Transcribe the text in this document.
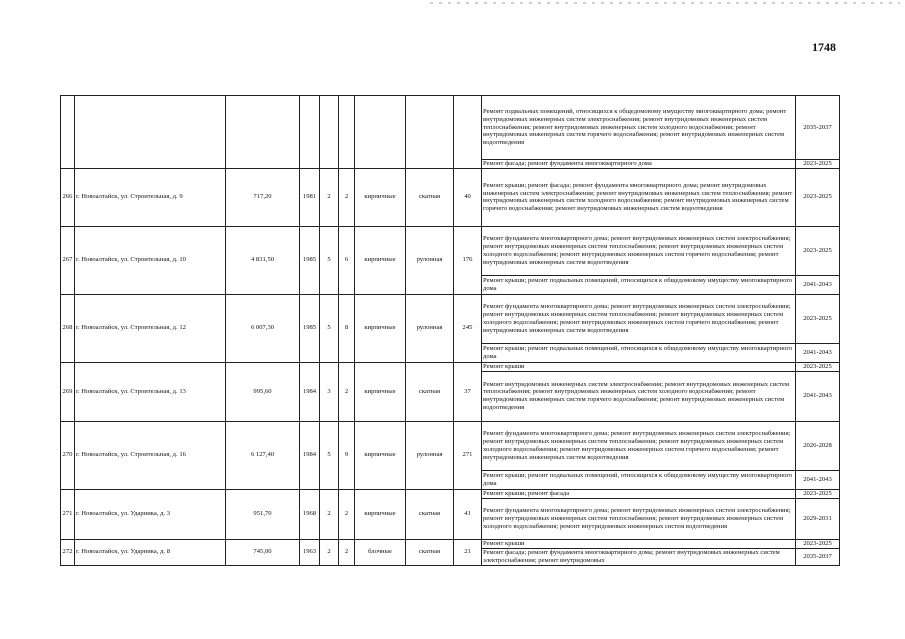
1748
									Ремонт подвальных помещений, относящихся к общедомовому имуществу многоквартирного дома; ремонт внутридомовых инженерных систем электроснабжения; ремонт внутридомовых инженерных систем теплоснабжения; ремонт внутридомовых инженерных систем холодного водоснабжения; ремонт внутридомовых инженерных систем горячего водоснабжения; ремонт внутридомовых инженерных систем водоотведения	2035-2037
									Ремонт фасада; ремонт фундамента многоквартирного дома	2023-2025
266	г. Новоалтайск, ул. Строительная, д. 9	717,20	1981	2	2	кирпичные	скатная	40	Ремонт крыши; ремонт фасада; ремонт фундамента многоквартирного дома; ремонт внутридомовых инженерных систем электроснабжения; ремонт внутридомовых инженерных систем теплоснабжения; ремонт внутридомовых инженерных систем холодного водоснабжения; ремонт внутридомовых инженерных систем горячего водоснабжения; ремонт внутридомовых инженерных систем водоотведения	2023-2025
267	г. Новоалтайск, ул. Строительная, д. 10	4 831,50	1985	5	6	кирпичные	рулонная	176	Ремонт фундамента многоквартирного дома; ремонт внутридомовых инженерных систем электроснабжения; ремонт внутридомовых инженерных систем теплоснабжения; ремонт внутридомовых инженерных систем холодного водоснабжения; ремонт внутридомовых инженерных систем горячего водоснабжения; ремонт внутридомовых инженерных систем водоотведения	2023-2025
									Ремонт крыши; ремонт подвальных помещений, относящихся к общедомовому имуществу многоквартирного дома	2041-2043
268	г. Новоалтайск, ул. Строительная, д. 12	6 007,30	1985	5	8	кирпичные	рулонная	245	Ремонт фундамента многоквартирного дома; ремонт внутридомовых инженерных систем электроснабжения; ремонт внутридомовых инженерных систем теплоснабжения; ремонт внутридомовых инженерных систем холодного водоснабжения; ремонт внутридомовых инженерных систем горячего водоснабжения; ремонт внутридомовых инженерных систем водоотведения	2023-2025
									Ремонт крыши; ремонт подвальных помещений, относящихся к общедомовому имуществу многоквартирного дома	2041-2043
269	г. Новоалтайск, ул. Строительная, д. 13	995,60	1984	3	2	кирпичные	скатная	37	Ремонт крыши	2023-2025
									Ремонт внутридомовых инженерных систем электроснабжения; ремонт внутридомовых инженерных систем теплоснабжения; ремонт внутридомовых инженерных систем холодного водоснабжения; ремонт внутридомовых инженерных систем горячего водоснабжения; ремонт внутридомовых инженерных систем водоотведения	2041-2043
270	г. Новоалтайск, ул. Строительная, д. 16	6 127,40	1984	5	9	кирпичные	рулонная	271	Ремонт фундамента многоквартирного дома; ремонт внутридомовых инженерных систем электроснабжения; ремонт внутридомовых инженерных систем теплоснабжения; ремонт внутридомовых инженерных систем холодного водоснабжения; ремонт внутридомовых инженерных систем горячего водоснабжения; ремонт внутридомовых инженерных систем водоотведения	2026-2028
									Ремонт крыши; ремонт подвальных помещений, относящихся к общедомовому имуществу многоквартирного дома	2041-2043
271	г. Новоалтайск, ул. Ударника, д. 3	951,70	1968	2	2	кирпичные	скатная	41	Ремонт крыши; ремонт фасада	2023-2025
									Ремонт фундамента многоквартирного дома; ремонт внутридомовых инженерных систем электроснабжения; ремонт внутридомовых инженерных систем теплоснабжения; ремонт внутридомовых инженерных систем холодного водоснабжения; ремонт внутридомовых инженерных систем водоотведения	2029-2031
272	г. Новоалтайск, ул. Ударника, д. 8	745,00	1963	2	2	блочные	скатная	21	Ремонт крыши	2023-2025
									Ремонт фасада; ремонт фундамента многоквартирного дома; ремонт внутридомовых инженерных систем электроснабжения; ремонт внутридомовых	2035-2037
